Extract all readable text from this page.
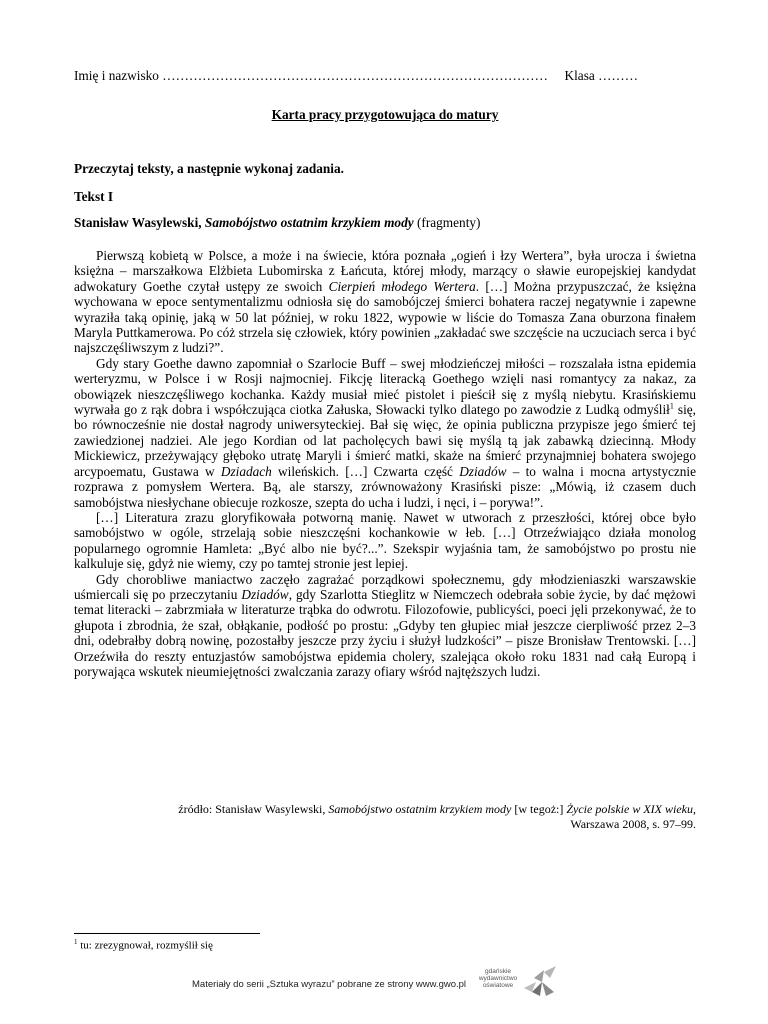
Imię i nazwisko …………………………………………………………………………… Klasa ………
Karta pracy przygotowująca do matury
Przeczytaj teksty, a następnie wykonaj zadania.
Tekst I
Stanisław Wasylewski, Samobójstwo ostatnim krzykiem mody (fragmenty)

Pierwszą kobietą w Polsce, a może i na świecie, która poznała „ogień i łzy Wertera”, była urocza i świetna księżna – marszałkowa Elżbieta Lubomirska z Łańcuta, której młody, marzący o sławie europejskiej kandydat adwokatury Goethe czytał ustępy ze swoich Cierpień młodego Wertera. […] Można przypuszczać, że księżna wychowana w epoce sentymentalizmu odniosła się do samobójczej śmierci bohatera raczej negatywnie i zapewne wyraziła taką opinię, jaką w 50 lat później, w roku 1822, wypowie w liście do Tomasza Zana oburzona finałem Maryla Puttkamerowa. Po cóż strzela się człowiek, który powinien „zakładać swe szczęście na uczuciach serca i być najszczęśliwszym z ludzi?”.

Gdy stary Goethe dawno zapomniał o Szarlocie Buff – swej młodzieńczej miłości – rozszalała istna epidemia werteryzmu, w Polsce i w Rosji najmocniej. Fikcję literacką Goethego wzięli nasi romantycy za nakaz, za obowiązek nieszczęśliwego kochanka. Każdy musiał mieć pistolet i pieścił się z myślą niebytu. Krasińskiemu wyrwała go z rąk dobra i współczująca ciotka Załuska, Słowacki tylko dlatego po zawodzie z Ludką odmyślił$^1$ się, bo równocześnie nie dostał nagrody uniwersyteckiej. Bał się więc, że opinia publiczna przypisze jego śmierć tej zawiedzionej nadziei. Ale jego Kordian od lat pacholęcych bawi się myślą tą jak zabawką dziecinną. Młody Mickiewicz, przeżywający głęboko utratę Maryli i śmierć matki, skaże na śmierć przynajmniej bohatera swojego arcypoematu, Gustawa w Dziadach wileńskich. […] Czwarta część Dziadów – to walna i mocna artystycznie rozprawa z pomysłem Wertera. Bą, ale starszy, zrównoważony Krasiński pisze: „Mówią, iż czasem duch samobójstwa niesłychane obiecuje rozkosze, szepta do ucha i ludzi, i nęci, i – porywa!”.

[…] Literatura zrazu gloryfikowała potworną manię. Nawet w utworach z przeszłości, której obce było samobójstwo w ogóle, strzelają sobie nieszczęśni kochankowie w łeb. […] Otrzeźwiająco działa monolog popularnego ogromnie Hamleta: „Być albo nie być?...”. Szekspir wyjaśnia tam, że samobójstwo po prostu nie kalkuluje się, gdyż nie wiemy, czy po tamtej stronie jest lepiej.

Gdy chorobliwe maniactwo zaczęło zagrażać porządkowi społecznemu, gdy młodzieniaszki warszawskie uśmiercali się po przeczytaniu Dziadów, gdy Szarlotta Stieglitz w Niemczech odebrała sobie życie, by dać mężowi temat literacki – zabrzmiała w literaturze trąbka do odwrotu. Filozofowie, publicyści, poeci jęli przekonywać, że to głupota i zbrodnia, że szał, obłąkanie, podłość po prostu: „Gdyby ten głupiec miał jeszcze cierpliwość przez 2–3 dni, odebrałby dobrą nowinę, pozostałby jeszcze przy życiu i służył ludzkości” – pisze Bronisław Trentowski. […] Orzeźwiła do reszty entuzjastów samobójstwa epidemia cholery, szalejąca około roku 1831 nad całą Europą i porywająca wskutek nieumiejętności zwalczania zarazy ofiary wśród najtęższych ludzi.

źródło: Stanisław Wasylewski, Samobójstwo ostatnim krzykiem mody [w tegoż:] Życie polskie w XIX wieku,
Warszawa 2008, s. 97–99.
$^1$ tu: zrezygnował, rozmyślił się
Materiały do serii „Sztuka wyrazu” pobrane ze strony www.gwo.pl
gdańskie
wydawnictwo
oświatowe
